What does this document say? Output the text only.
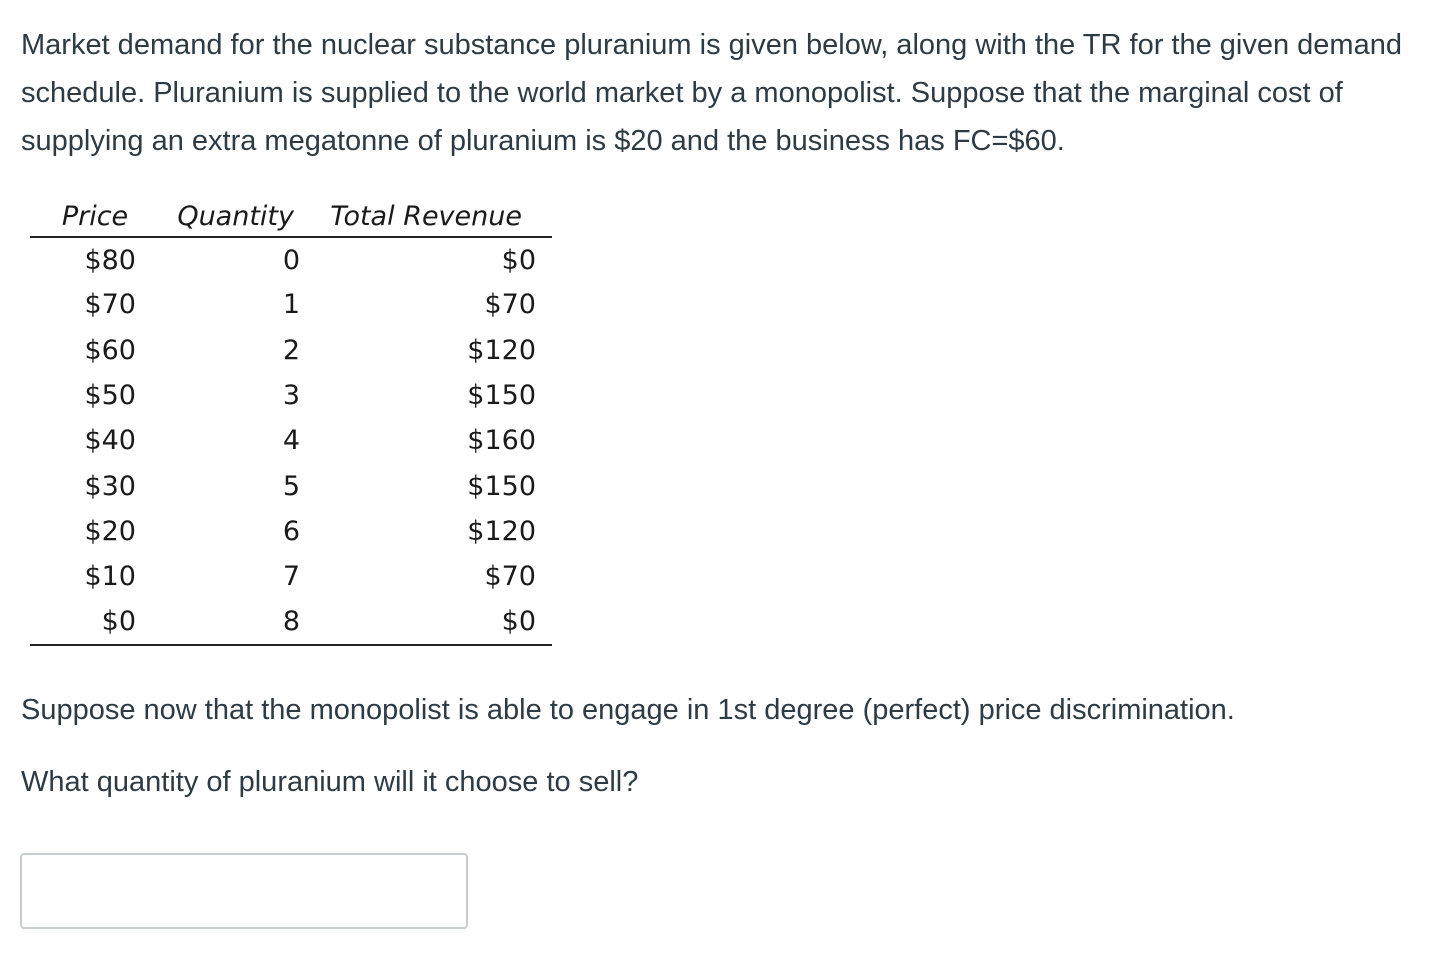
Market demand for the nuclear substance pluranium is given below, along with the TR for the given demand schedule. Pluranium is supplied to the world market by a monopolist. Suppose that the marginal cost of supplying an extra megatonne of pluranium is $20 and the business has FC=$60.

Price	Quantity	Total Revenue
$80	0	$0
$70	1	$70
$60	2	$120
$50	3	$150
$40	4	$160
$30	5	$150
$20	6	$120
$10	7	$70
$0	8	$0

Suppose now that the monopolist is able to engage in 1st degree (perfect) price discrimination.

What quantity of pluranium will it choose to sell?
